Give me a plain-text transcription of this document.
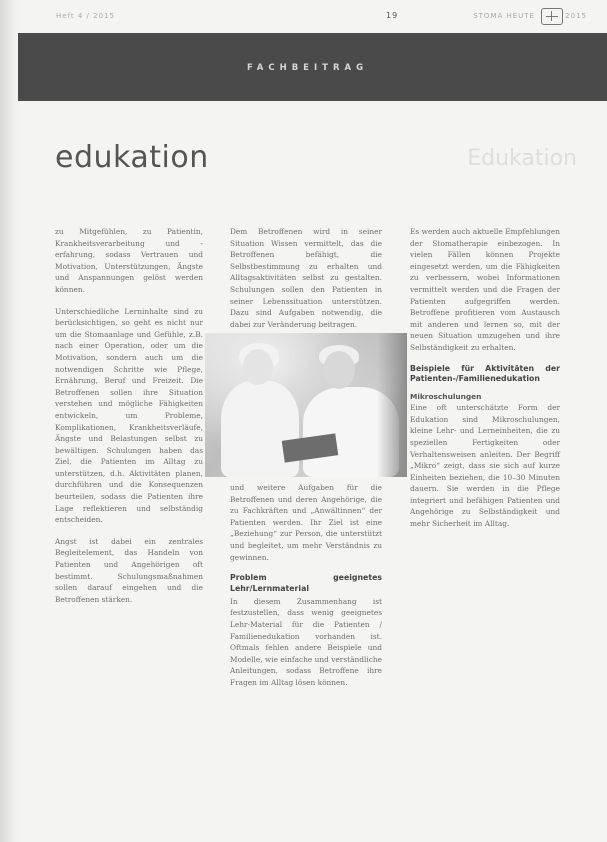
Heft 4 / 2015	19	STOMA HEUTE	2015
FACHBEITRAG
edukation	Edukation

zu Mitgefühlen, zu Patientin, Krankheitsverarbeitung und -erfahrung, sodass Vertrauen und Motivation, Unterstützungen, Ängste und Anspannungen gelöst werden können.

Unterschiedliche Lerninhalte sind zu berücksichtigen, so geht es nicht nur um die Stomaanlage und Gefühle, z.B. nach einer Operation, oder um die Motivation, sondern auch um die notwendigen Schritte wie Pflege, Ernährung, Beruf und Freizeit. Die Betroffenen sollen ihre Situation verstehen und mögliche Fähigkeiten entwickeln, um Probleme, Komplikationen, Krankheitsverläufe, Ängste und Belastungen selbst zu bewältigen. Schulungen haben das Ziel, die Patienten im Alltag zu unterstützen, d.h. Aktivitäten planen, durchführen und die Konsequenzen beurteilen, sodass die Patienten ihre Lage reflektieren und selbständig entscheiden.

Angst ist dabei ein zentrales Begleitelement, das Handeln von Patienten und Angehörigen oft bestimmt. Schulungsmaßnahmen sollen darauf eingehen und die Betroffenen stärken.

Dem Betroffenen wird in seiner Situation Wissen vermittelt, das die Betroffenen befähigt, die Selbstbestimmung zu erhalten und Alltagsaktivitäten selbst zu gestalten. Schulungen sollen den Patienten in seiner Lebenssituation unterstützen. Dazu sind Aufgaben notwendig, die dabei zur Veränderung beitragen.

und weitere Aufgaben für die Betroffenen und deren Angehörige, die zu Fachkräften und „Anwältinnen“ der Patienten werden. Ihr Ziel ist eine „Beziehung“ zur Person, die unterstützt und begleitet, um mehr Verständnis zu gewinnen.

Problem geeignetes Lehr/Lernmaterial

In diesem Zusammenhang ist festzustellen, dass wenig geeignetes Lehr-Material für die Patienten / Familienedukation vorhanden ist. Oftmals fehlen andere Beispiele und Modelle, wie einfache und verständliche Anleitungen, sodass Betroffene ihre Fragen im Alltag lösen können.

Es werden auch aktuelle Empfehlungen der Stomatherapie einbezogen. In vielen Fällen können Projekte eingesetzt werden, um die Fähigkeiten zu verbessern, wobei Informationen vermittelt werden und die Fragen der Patienten aufgegriffen werden. Betroffene profitieren vom Austausch mit anderen und lernen so, mit der neuen Situation umzugehen und ihre Selbständigkeit zu erhalten.

Beispiele für Aktivitäten der Patienten-/Familienedukation
Mikroschulungen

Eine oft unterschätzte Form der Edukation sind Mikroschulungen, kleine Lehr- und Lerneinheiten, die zu speziellen Fertigkeiten oder Verhaltensweisen anleiten. Der Begriff „Mikro“ zeigt, dass sie sich auf kurze Einheiten beziehen, die 10–30 Minuten dauern. Sie werden in die Pflege integriert und befähigen Patienten und Angehörige zu Selbständigkeit und mehr Sicherheit im Alltag.
